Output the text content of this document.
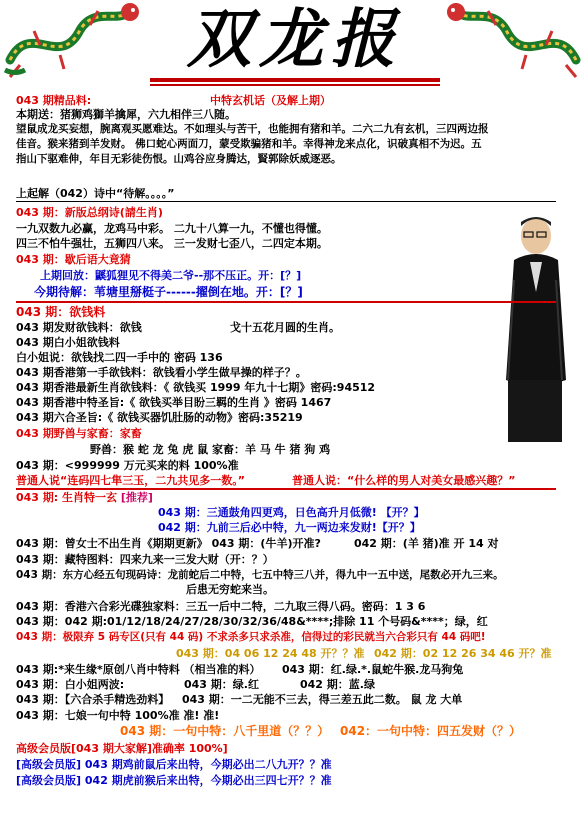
双龙报
043 期精品料:	中特玄机话（及解上期）
本期送：猪狮鸡獅羊擒犀，六九相伴三八随。
望鼠成龙买妄想，腕离观买愿难达。不如理头与苦干，也能拥有猪和羊。二六二九有玄机，三四两边报
佳音。猴来猪到羊发财。 佛口蛇心两面刀，蒙受欺骗猪和羊。幸得神龙来点化，识破真相不为迟。五
指山下驱难伸，年目无彩徒伤恨。山鸡谷应身腾达，賢郭除妖威逐恶。
上起解（042）诗中“待解。。。。”
043 期：新版总纲诗(請生肖)
一九双数九必赢，龙鸡马中彩。 二九十八算一九，不懂也得懂。
四三不怕牛强壮，五狮四八来。 三一发财七歪八，二四定本期。
043 期：歇后语大竟猜
上期回放：鼷狐狸见不得美二爷--那不压正。开：[？]
今期待解：苇塘里掰梃子------擢倒在地。开：[？]
043 期：欲钱料
043 期发财欲钱料：欲钱	戈十五花月圆的生肖。
043 期白小姐欲钱料
白小姐说：欲钱找二四一手中的 密码 136
043 期香港第一手欲钱料：欲钱看小学生做早操的样子？。
043 期香港最新生肖欲钱料：《 欲钱买 1999 年九十七期》密码:94512
043 期香港中特圣旨:《 欲钱买举目盼三羁的生肖 》密码 1467
043 期六合圣旨:《 欲钱买器饥肚肠的动物》密码:35219
043 期野兽与家畜：家畜
野兽：猴 蛇 龙 兔 虎 鼠 家畜：羊 马 牛 猪 狗 鸡
043 期：<999999 万元买来的料 100%准
普通人说“连码四七隼三玉，二九共见多一数。”	普通人说：“什么样的男人对美女最感兴趣？”
043 期: 生肖特一玄 [推荐]
043 期：三通鼓角四更鸡，日色高升月低微! 【开？】
042 期：九前三后必中特，九一两边来发财!【开？】
043 期：曾女士不出生肖《期期更新》 043 期：(牛羊)开准?	042 期：(羊 猪)准 开 14 对
043 期：藏特图料：四来九来一三发大财（开：？）
043 期：东方心经五句现码诗：龙前蛇后二中特，七五中特三八并，得九中一五中送，尾数必开九三来。
后患无穷蛇来当。
043 期：香港六合彩光碟独家料：三五一后中二特，二九取三得八码。密码：1 3 6
043 期：042 期:01/12/18/24/27/28/30/32/36/48&****;排除 11 个号码&****；绿，红
043 期：极限弃 5 码专区(只有 44 码) 不求杀多只求杀准，信得过的彩民就当六合彩只有 44 码吧!
043 期：04 06 12 24 48 开？？准 042 期：02 12 26 34 46 开？准
043 期:*来生缘*原创八肖中特料 （相当准的料） 043 期：红.绿.*.鼠蛇牛猴.龙马狗兔
043 期：白小姐两波:	043 期：绿.红	042 期：蓝.绿
043 期：【六合杀手精选劲料】 043 期：一二无能不三去，得三差五此二数。 鼠 龙 大单
043 期：七娘一句中特 100%准 准! 准!
043 期：一句中特：八千里道（？？） 042：一句中特：四五发财（？）
高级会员版[043 期大家解]准确率 100%]
[高级会员版] 043 期鸡前鼠后来出特，今期必出二八九开？？准
[高级会员版] 042 期虎前猴后来出特，今期必出三四七开？？准
